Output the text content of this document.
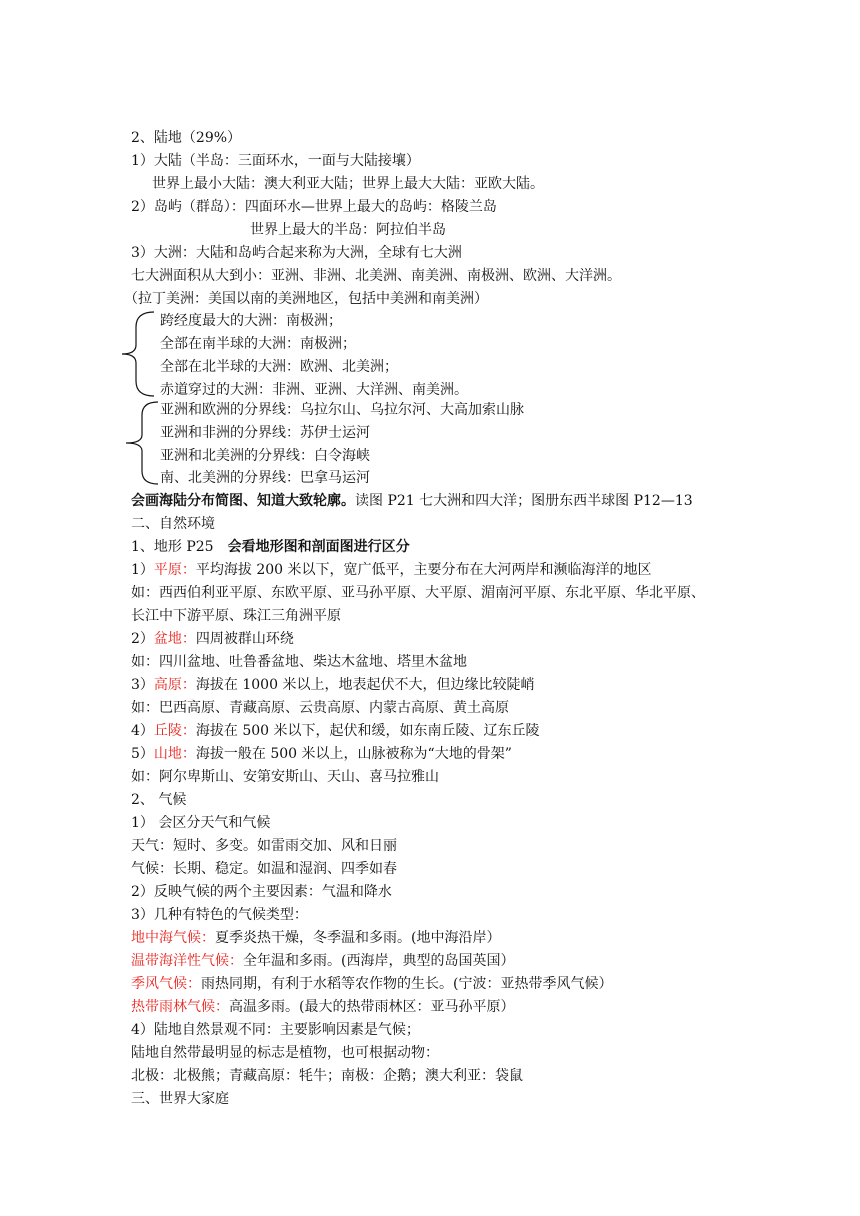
2、陆地（29%）
1）大陆（半岛：三面环水，一面与大陆接壤）
世界上最小大陆：澳大利亚大陆；世界上最大大陆：亚欧大陆。
2）岛屿（群岛）：四面环水—世界上最大的岛屿：格陵兰岛
世界上最大的半岛：阿拉伯半岛
3）大洲：大陆和岛屿合起来称为大洲，全球有七大洲
七大洲面积从大到小：亚洲、非洲、北美洲、南美洲、南极洲、欧洲、大洋洲。
（拉丁美洲：美国以南的美洲地区，包括中美洲和南美洲）
跨经度最大的大洲：南极洲；
全部在南半球的大洲：南极洲；
全部在北半球的大洲：欧洲、北美洲；
赤道穿过的大洲：非洲、亚洲、大洋洲、南美洲。
亚洲和欧洲的分界线：乌拉尔山、乌拉尔河、大高加索山脉
亚洲和非洲的分界线：苏伊士运河
亚洲和北美洲的分界线：白令海峡
南、北美洲的分界线：巴拿马运河
会画海陆分布简图、知道大致轮廓。读图 P21 七大洲和四大洋；图册东西半球图 P12—13
二、自然环境
1、地形 P25 会看地形图和剖面图进行区分
1）平原：平均海拔 200 米以下，宽广低平，主要分布在大河两岸和濒临海洋的地区
如：西西伯利亚平原、东欧平原、亚马孙平原、大平原、湄南河平原、东北平原、华北平原、
长江中下游平原、珠江三角洲平原
2）盆地：四周被群山环绕
如：四川盆地、吐鲁番盆地、柴达木盆地、塔里木盆地
3）高原：海拔在 1000 米以上，地表起伏不大，但边缘比较陡峭
如：巴西高原、青藏高原、云贵高原、内蒙古高原、黄土高原
4）丘陵：海拔在 500 米以下，起伏和缓，如东南丘陵、辽东丘陵
5）山地：海拔一般在 500 米以上，山脉被称为“大地的骨架”
如：阿尔卑斯山、安第安斯山、天山、喜马拉雅山
2、 气候
1） 会区分天气和气候
天气：短时、多变。如雷雨交加、风和日丽
气候：长期、稳定。如温和湿润、四季如春
2）反映气候的两个主要因素：气温和降水
3）几种有特色的气候类型：
地中海气候：夏季炎热干燥，冬季温和多雨。(地中海沿岸）
温带海洋性气候：全年温和多雨。(西海岸，典型的岛国英国）
季风气候：雨热同期，有利于水稻等农作物的生长。(宁波：亚热带季风气候）
热带雨林气候：高温多雨。(最大的热带雨林区：亚马孙平原）
4）陆地自然景观不同：主要影响因素是气候；
陆地自然带最明显的标志是植物，也可根据动物：
北极：北极熊；青藏高原：牦牛；南极：企鹅；澳大利亚：袋鼠
三、世界大家庭
